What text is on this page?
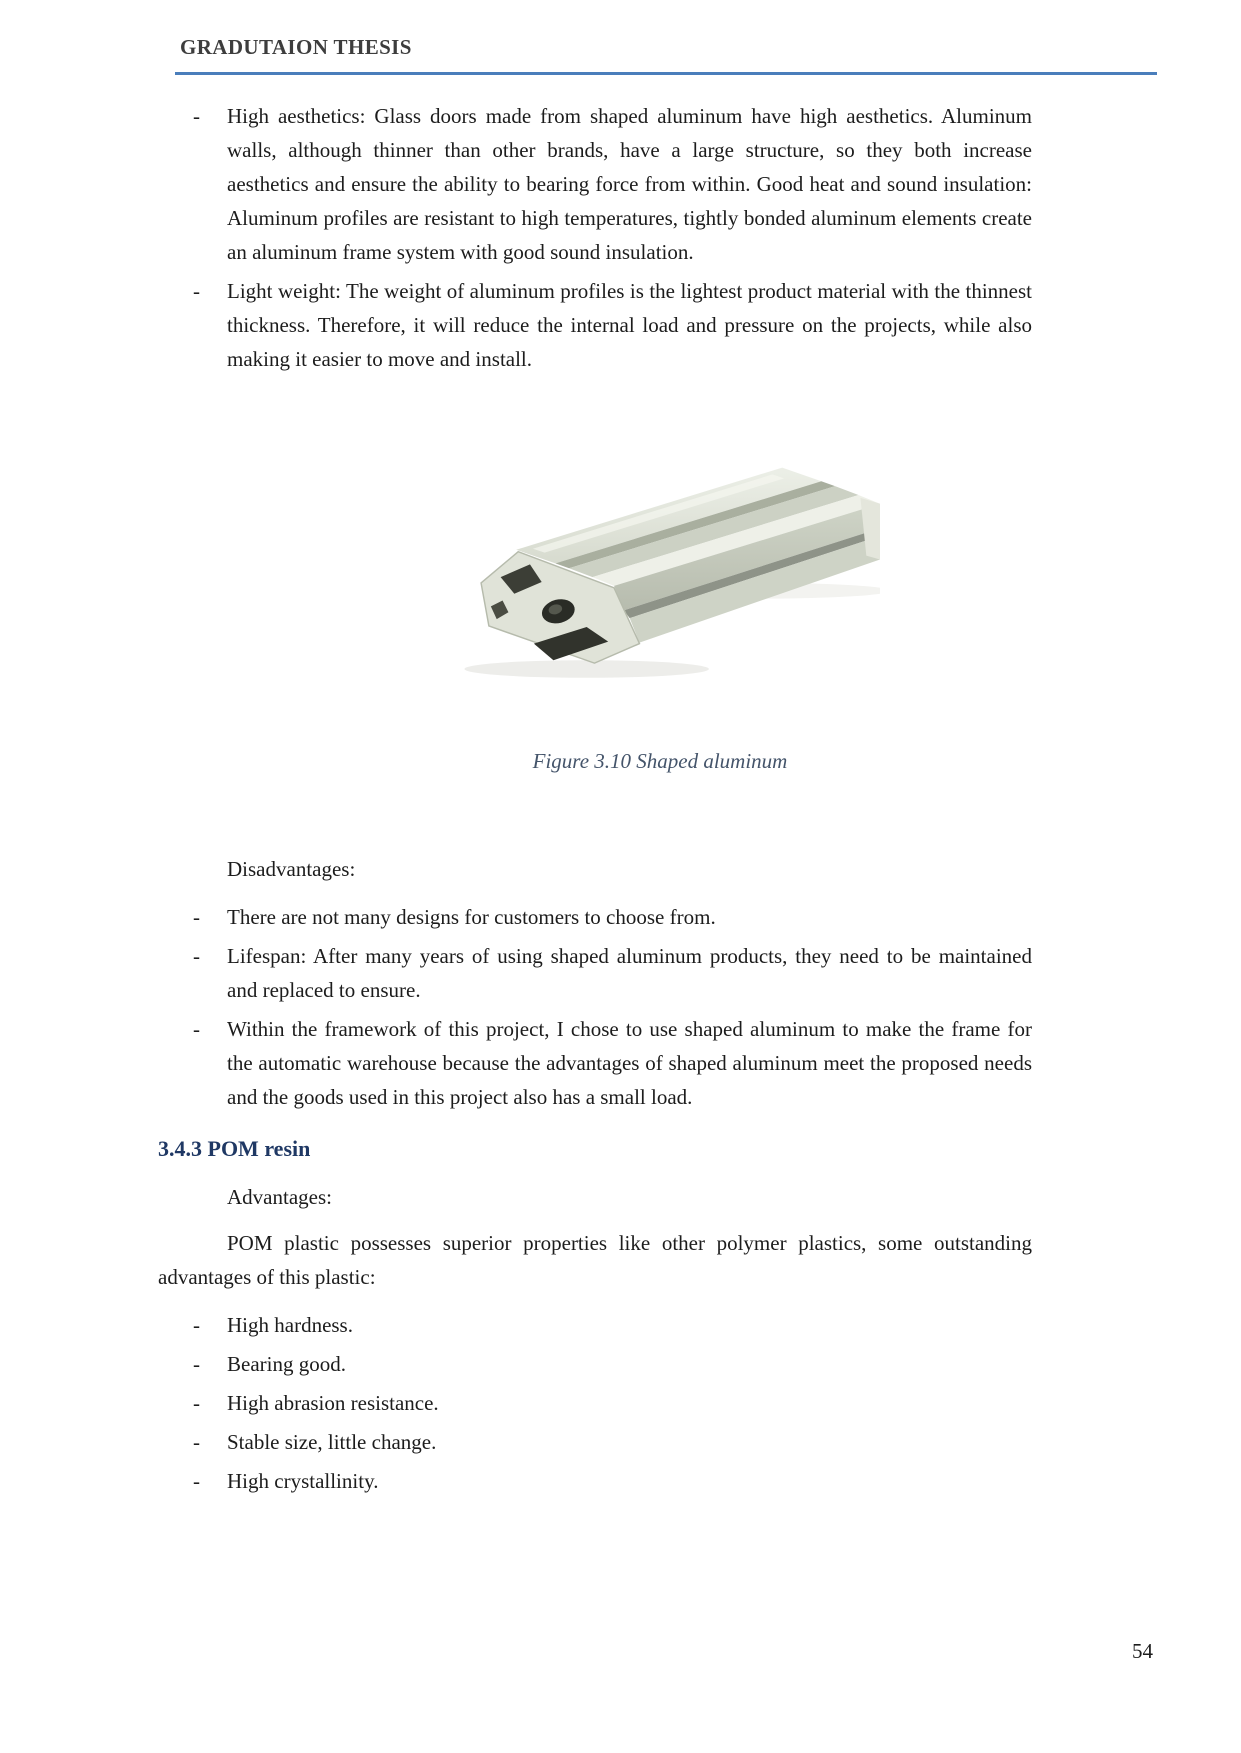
GRADUTAION THESIS
- High aesthetics: Glass doors made from shaped aluminum have high aesthetics. Aluminum walls, although thinner than other brands, have a large structure, so they both increase aesthetics and ensure the ability to bearing force from within. Good heat and sound insulation: Aluminum profiles are resistant to high temperatures, tightly bonded aluminum elements create an aluminum frame system with good sound insulation.
- Light weight: The weight of aluminum profiles is the lightest product material with the thinnest thickness. Therefore, it will reduce the internal load and pressure on the projects, while also making it easier to move and install.
Figure 3.10 Shaped aluminum

Disadvantages:

- There are not many designs for customers to choose from.
- Lifespan: After many years of using shaped aluminum products, they need to be maintained and replaced to ensure.
- Within the framework of this project, I chose to use shaped aluminum to make the frame for the automatic warehouse because the advantages of shaped aluminum meet the proposed needs and the goods used in this project also has a small load.
3.4.3 POM resin

Advantages:

POM plastic possesses superior properties like other polymer plastics, some outstanding advantages of this plastic:

- High hardness.
- Bearing good.
- High abrasion resistance.
- Stable size, little change.
- High crystallinity.
54
